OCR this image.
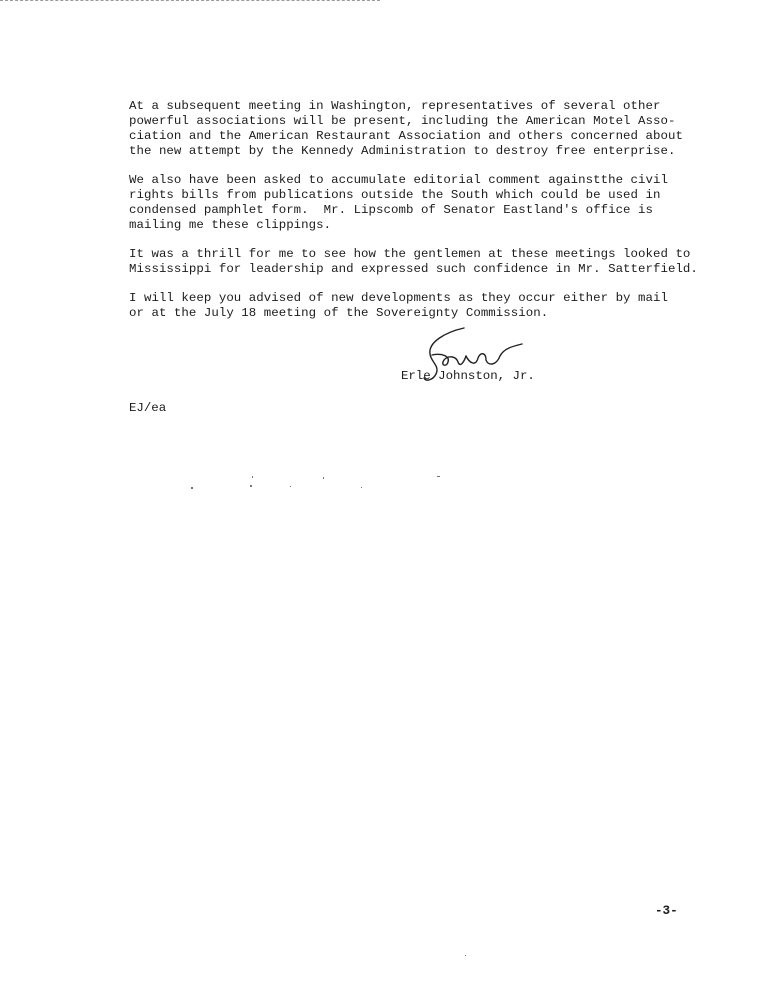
At a subsequent meeting in Washington, representatives of several other
powerful associations will be present, including the American Motel Asso-
ciation and the American Restaurant Association and others concerned about
the new attempt by the Kennedy Administration to destroy free enterprise.

We also have been asked to accumulate editorial comment againstthe civil
rights bills from publications outside the South which could be used in
condensed pamphlet form.  Mr. Lipscomb of Senator Eastland's office is
mailing me these clippings.

It was a thrill for me to see how the gentlemen at these meetings looked to
Mississippi for leadership and expressed such confidence in Mr. Satterfield.

I will keep you advised of new developments as they occur either by mail
or at the July 18 meeting of the Sovereignty Commission.

Erle Johnston, Jr.
EJ/ea
-3-
